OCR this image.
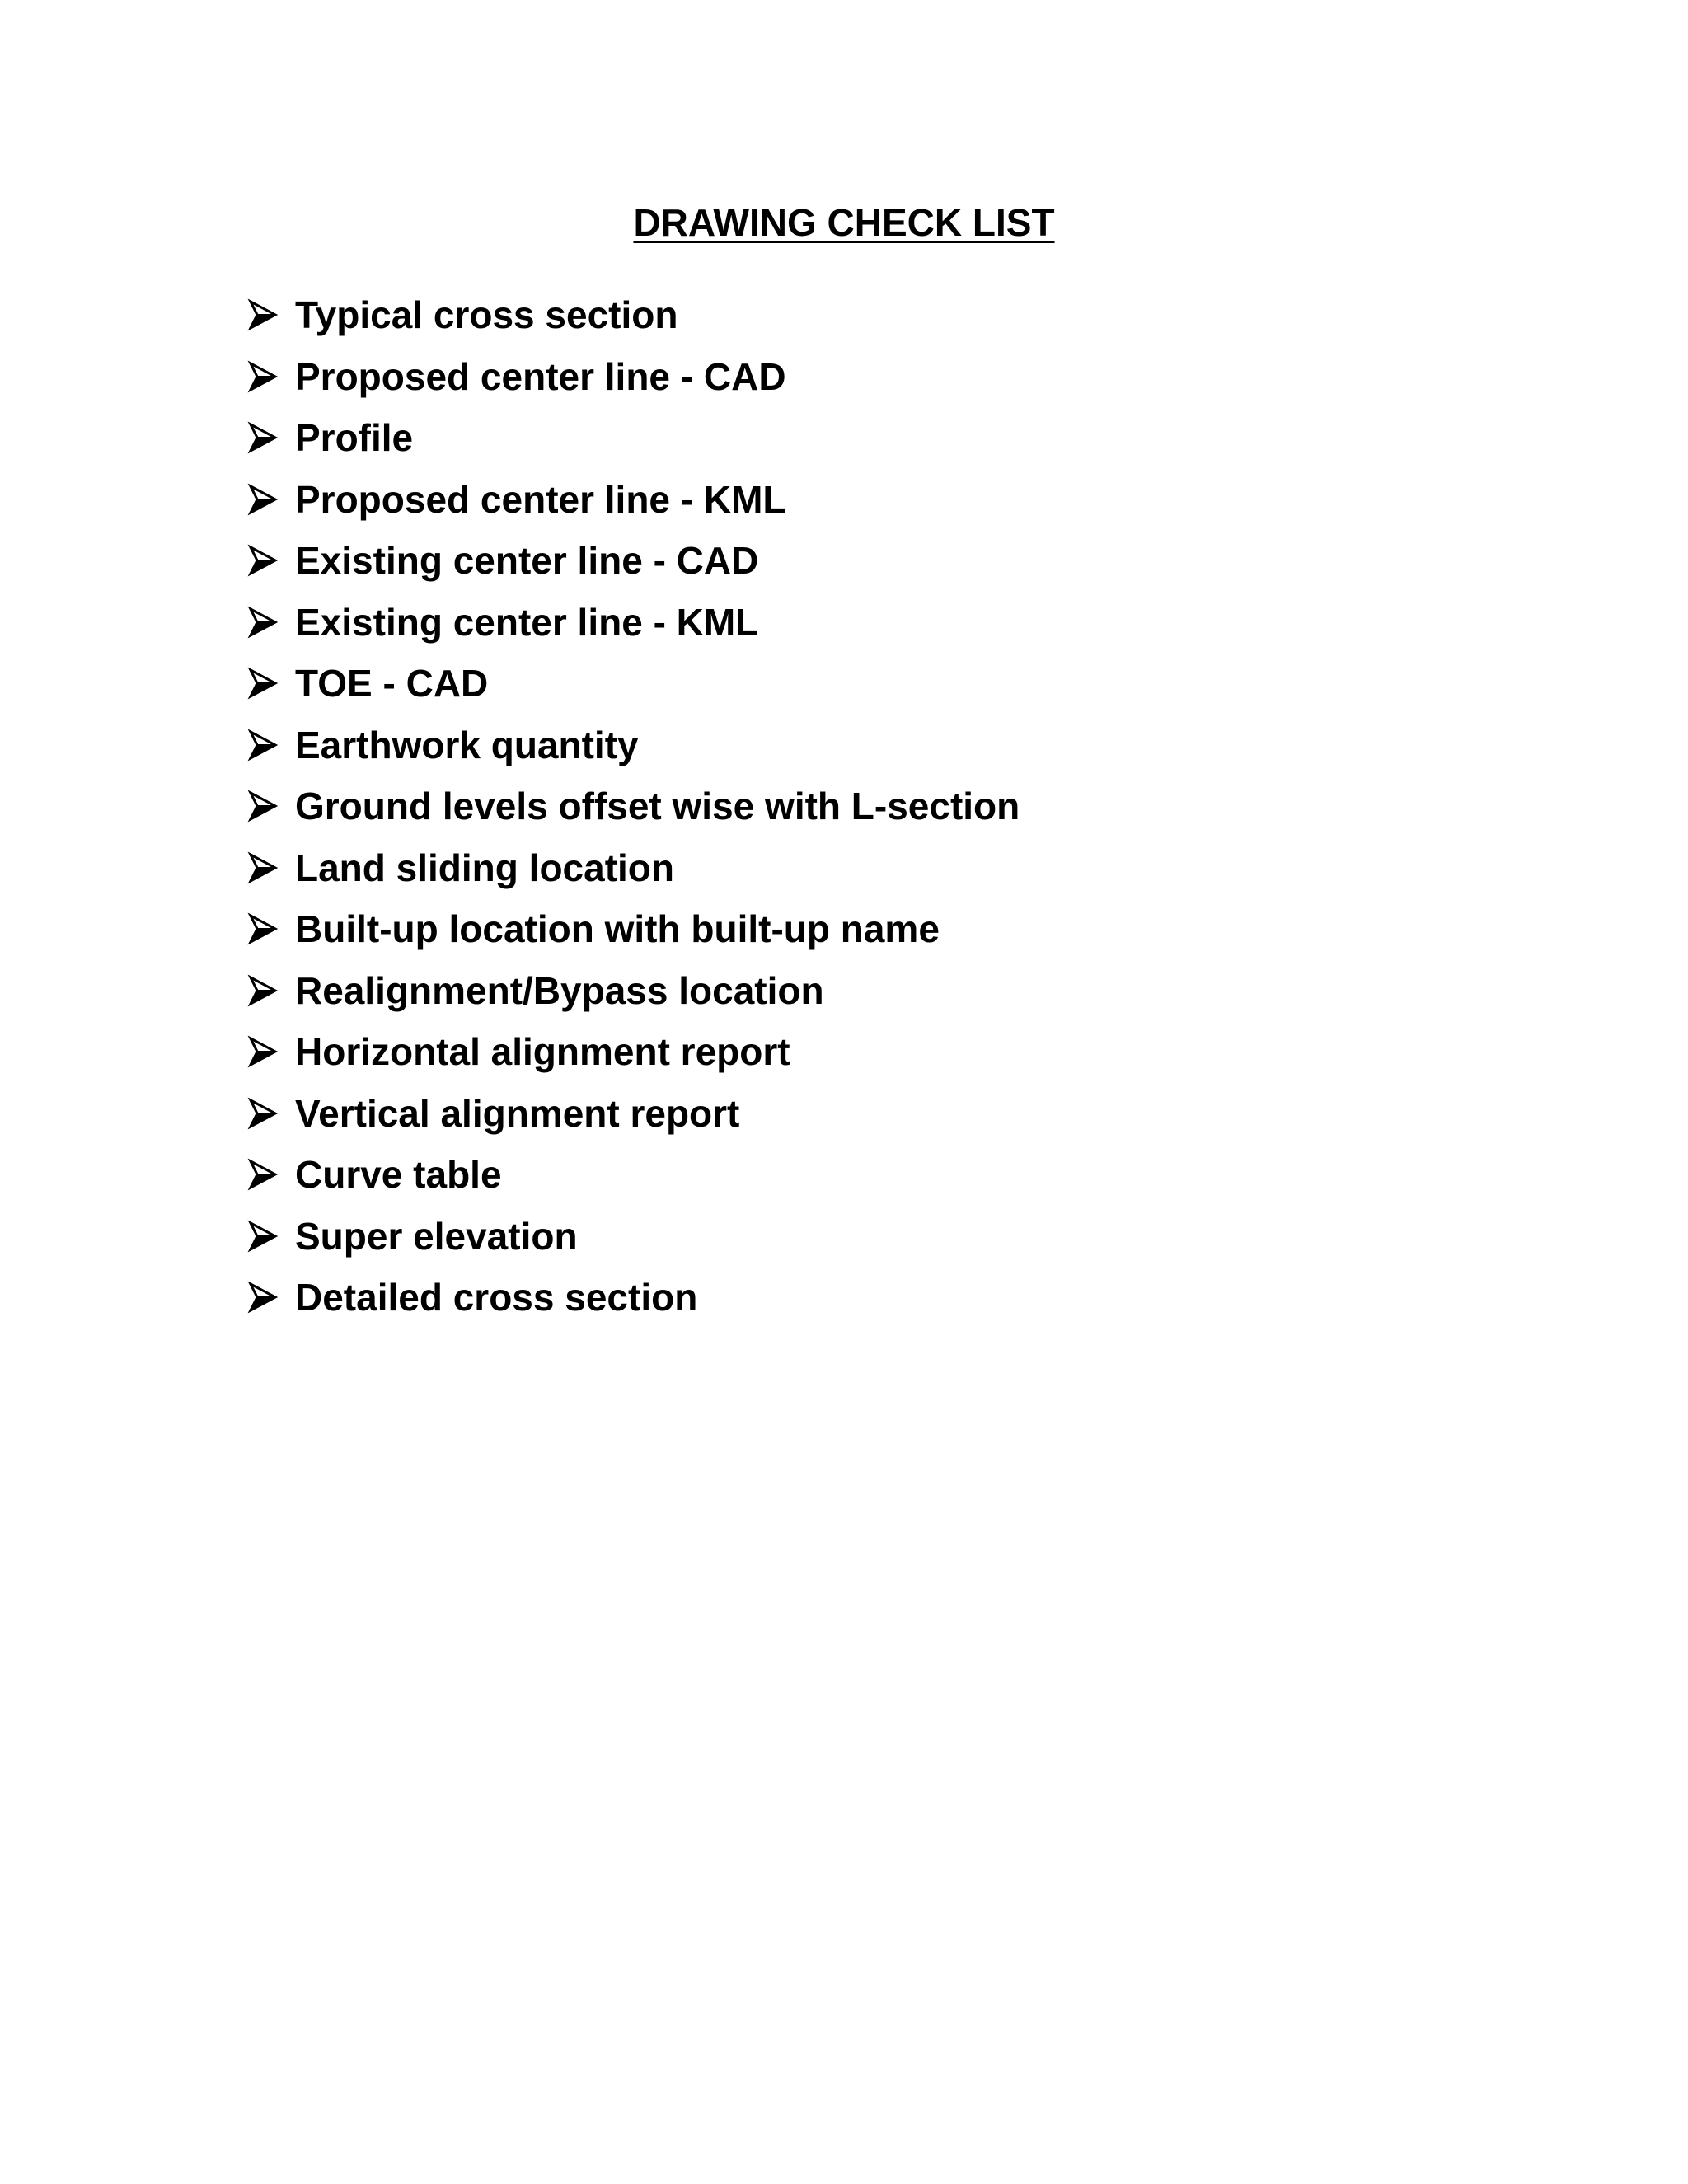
DRAWING CHECK LIST
Typical cross section
Proposed center line - CAD
Profile
Proposed center line - KML
Existing center line - CAD
Existing center line - KML
TOE - CAD
Earthwork quantity
Ground levels offset wise with L-section
Land sliding location
Built-up location with built-up name
Realignment/Bypass location
Horizontal alignment report
Vertical alignment report
Curve table
Super elevation
Detailed cross section
